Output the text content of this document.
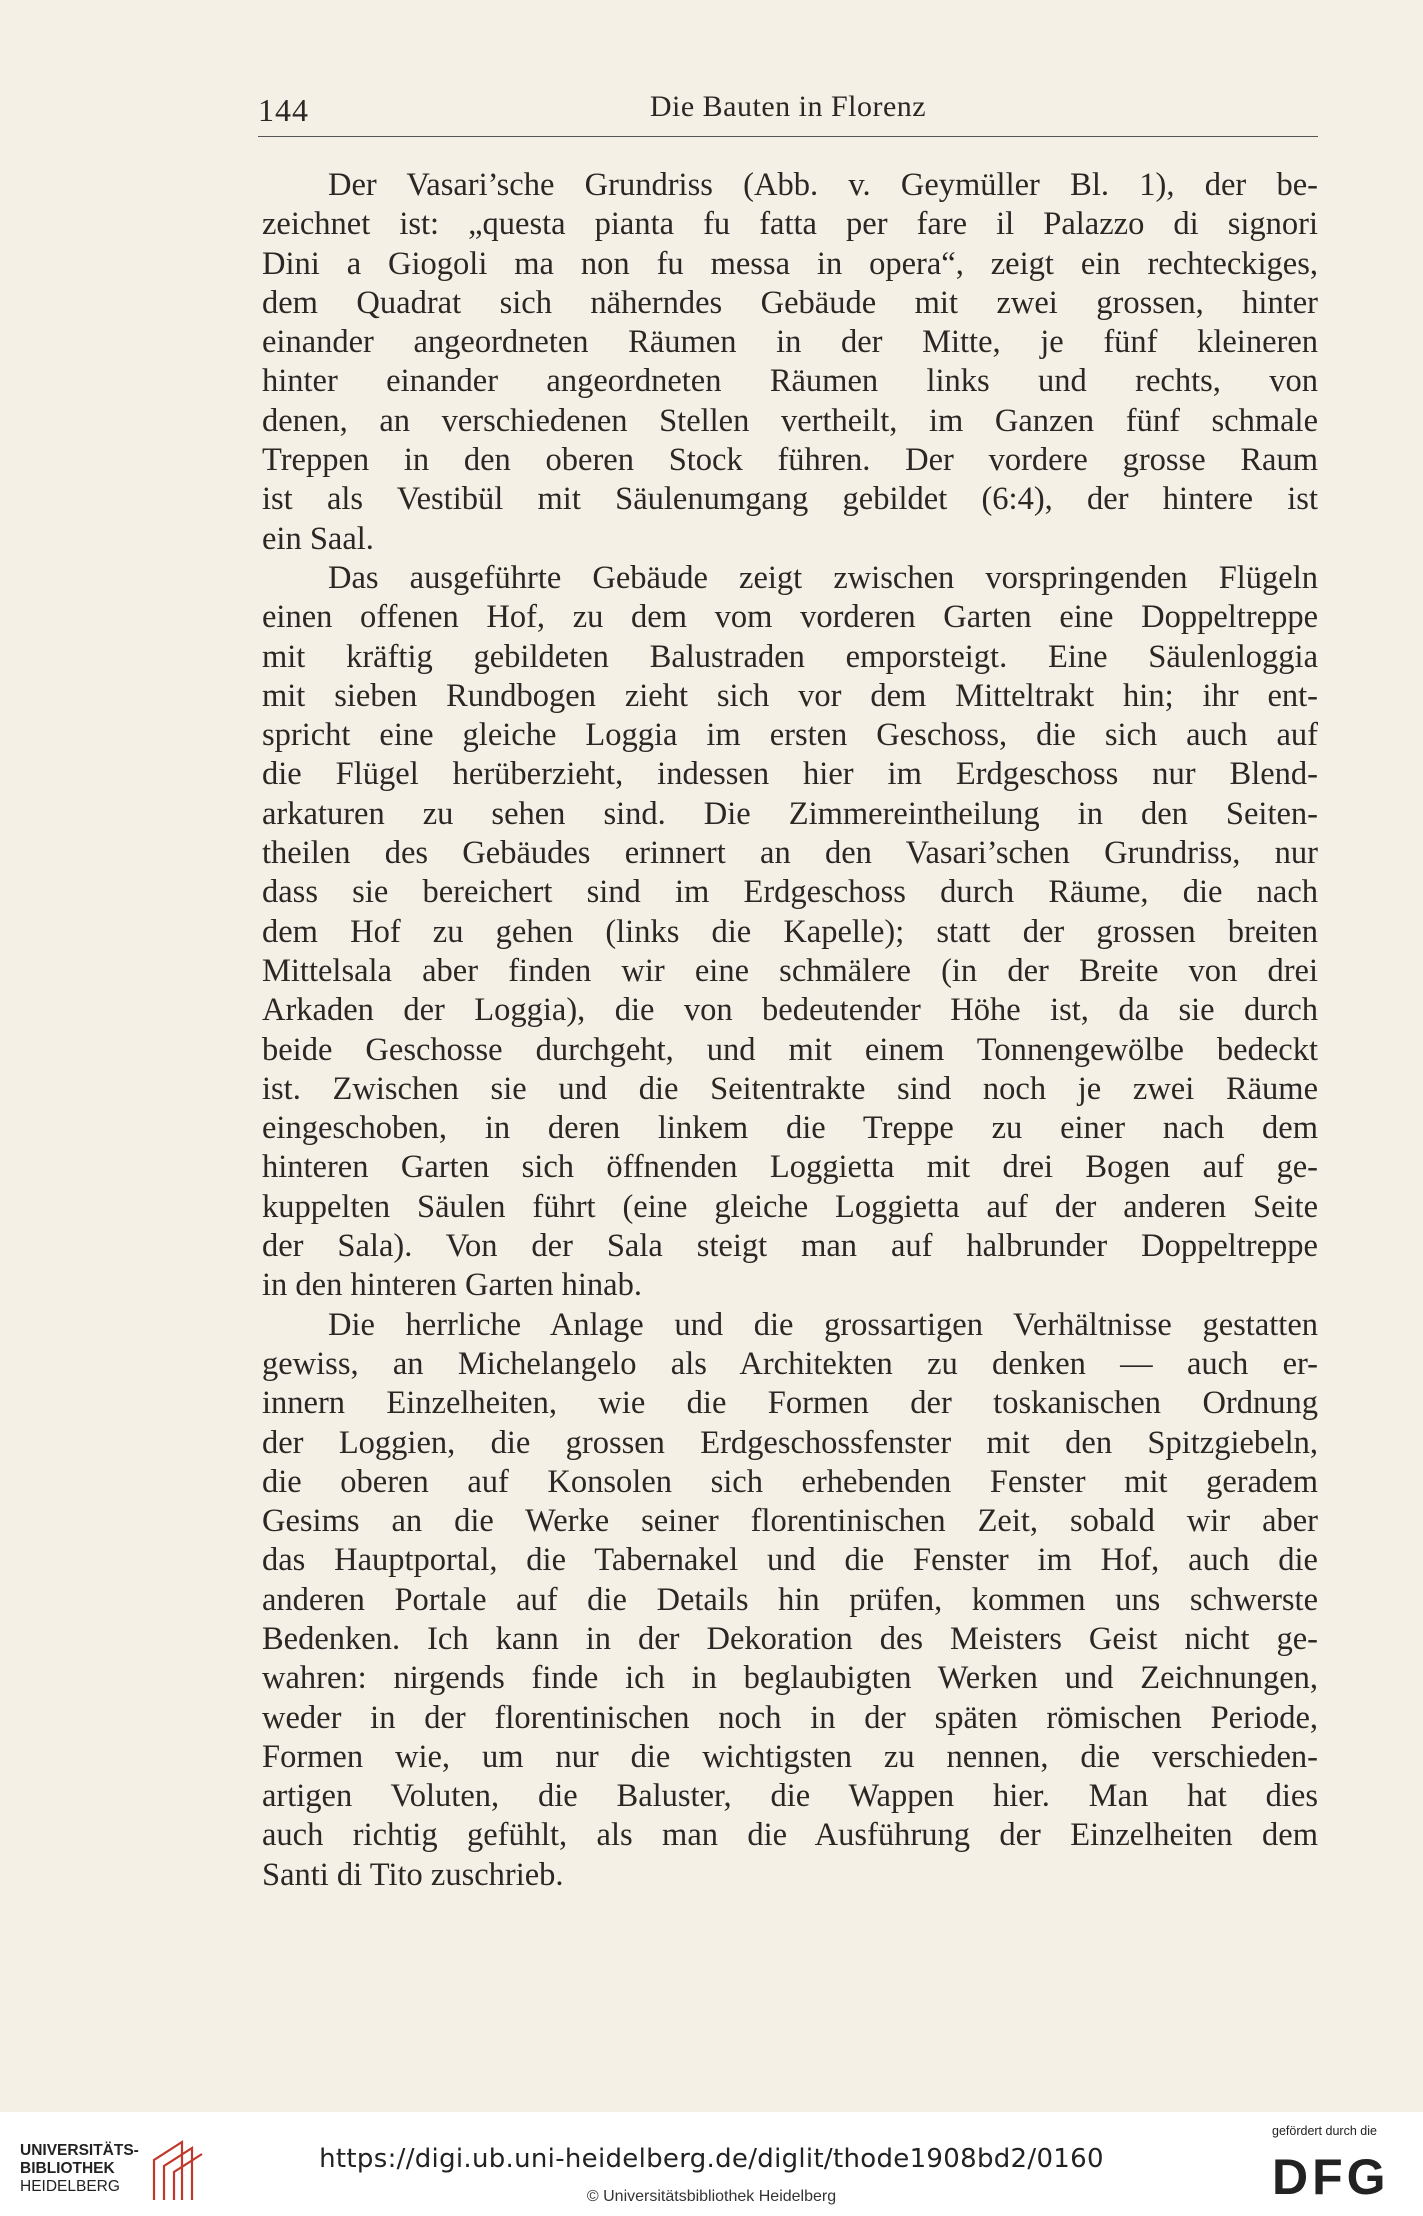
144	Die Bauten in Florenz
Der Vasari’sche Grundriss (Abb. v. Geymüller Bl. 1), der be-
zeichnet ist: „questa pianta fu fatta per fare il Palazzo di signori
Dini a Giogoli ma non fu messa in opera“, zeigt ein rechteckiges,
dem Quadrat sich näherndes Gebäude mit zwei grossen, hinter
einander angeordneten Räumen in der Mitte, je fünf kleineren
hinter einander angeordneten Räumen links und rechts, von
denen, an verschiedenen Stellen vertheilt, im Ganzen fünf schmale
Treppen in den oberen Stock führen. Der vordere grosse Raum
ist als Vestibül mit Säulenumgang gebildet (6:4), der hintere ist
ein Saal.
Das ausgeführte Gebäude zeigt zwischen vorspringenden Flügeln
einen offenen Hof, zu dem vom vorderen Garten eine Doppeltreppe
mit kräftig gebildeten Balustraden emporsteigt. Eine Säulenloggia
mit sieben Rundbogen zieht sich vor dem Mitteltrakt hin; ihr ent-
spricht eine gleiche Loggia im ersten Geschoss, die sich auch auf
die Flügel herüberzieht, indessen hier im Erdgeschoss nur Blend-
arkaturen zu sehen sind. Die Zimmereintheilung in den Seiten-
theilen des Gebäudes erinnert an den Vasari’schen Grundriss, nur
dass sie bereichert sind im Erdgeschoss durch Räume, die nach
dem Hof zu gehen (links die Kapelle); statt der grossen breiten
Mittelsala aber finden wir eine schmälere (in der Breite von drei
Arkaden der Loggia), die von bedeutender Höhe ist, da sie durch
beide Geschosse durchgeht, und mit einem Tonnengewölbe bedeckt
ist. Zwischen sie und die Seitentrakte sind noch je zwei Räume
eingeschoben, in deren linkem die Treppe zu einer nach dem
hinteren Garten sich öffnenden Loggietta mit drei Bogen auf ge-
kuppelten Säulen führt (eine gleiche Loggietta auf der anderen Seite
der Sala). Von der Sala steigt man auf halbrunder Doppeltreppe
in den hinteren Garten hinab.
Die herrliche Anlage und die grossartigen Verhältnisse gestatten
gewiss, an Michelangelo als Architekten zu denken — auch er-
innern Einzelheiten, wie die Formen der toskanischen Ordnung
der Loggien, die grossen Erdgeschossfenster mit den Spitzgiebeln,
die oberen auf Konsolen sich erhebenden Fenster mit geradem
Gesims an die Werke seiner florentinischen Zeit, sobald wir aber
das Hauptportal, die Tabernakel und die Fenster im Hof, auch die
anderen Portale auf die Details hin prüfen, kommen uns schwerste
Bedenken. Ich kann in der Dekoration des Meisters Geist nicht ge-
wahren: nirgends finde ich in beglaubigten Werken und Zeichnungen,
weder in der florentinischen noch in der späten römischen Periode,
Formen wie, um nur die wichtigsten zu nennen, die verschieden-
artigen Voluten, die Baluster, die Wappen hier. Man hat dies
auch richtig gefühlt, als man die Ausführung der Einzelheiten dem
Santi di Tito zuschrieb.
UNIVERSITÄTS-
BIBLIOTHEK
HEIDELBERG
https://digi.ub.uni-heidelberg.de/diglit/thode1908bd2/0160
© Universitätsbibliothek Heidelberg
gefördert durch die
DFG
